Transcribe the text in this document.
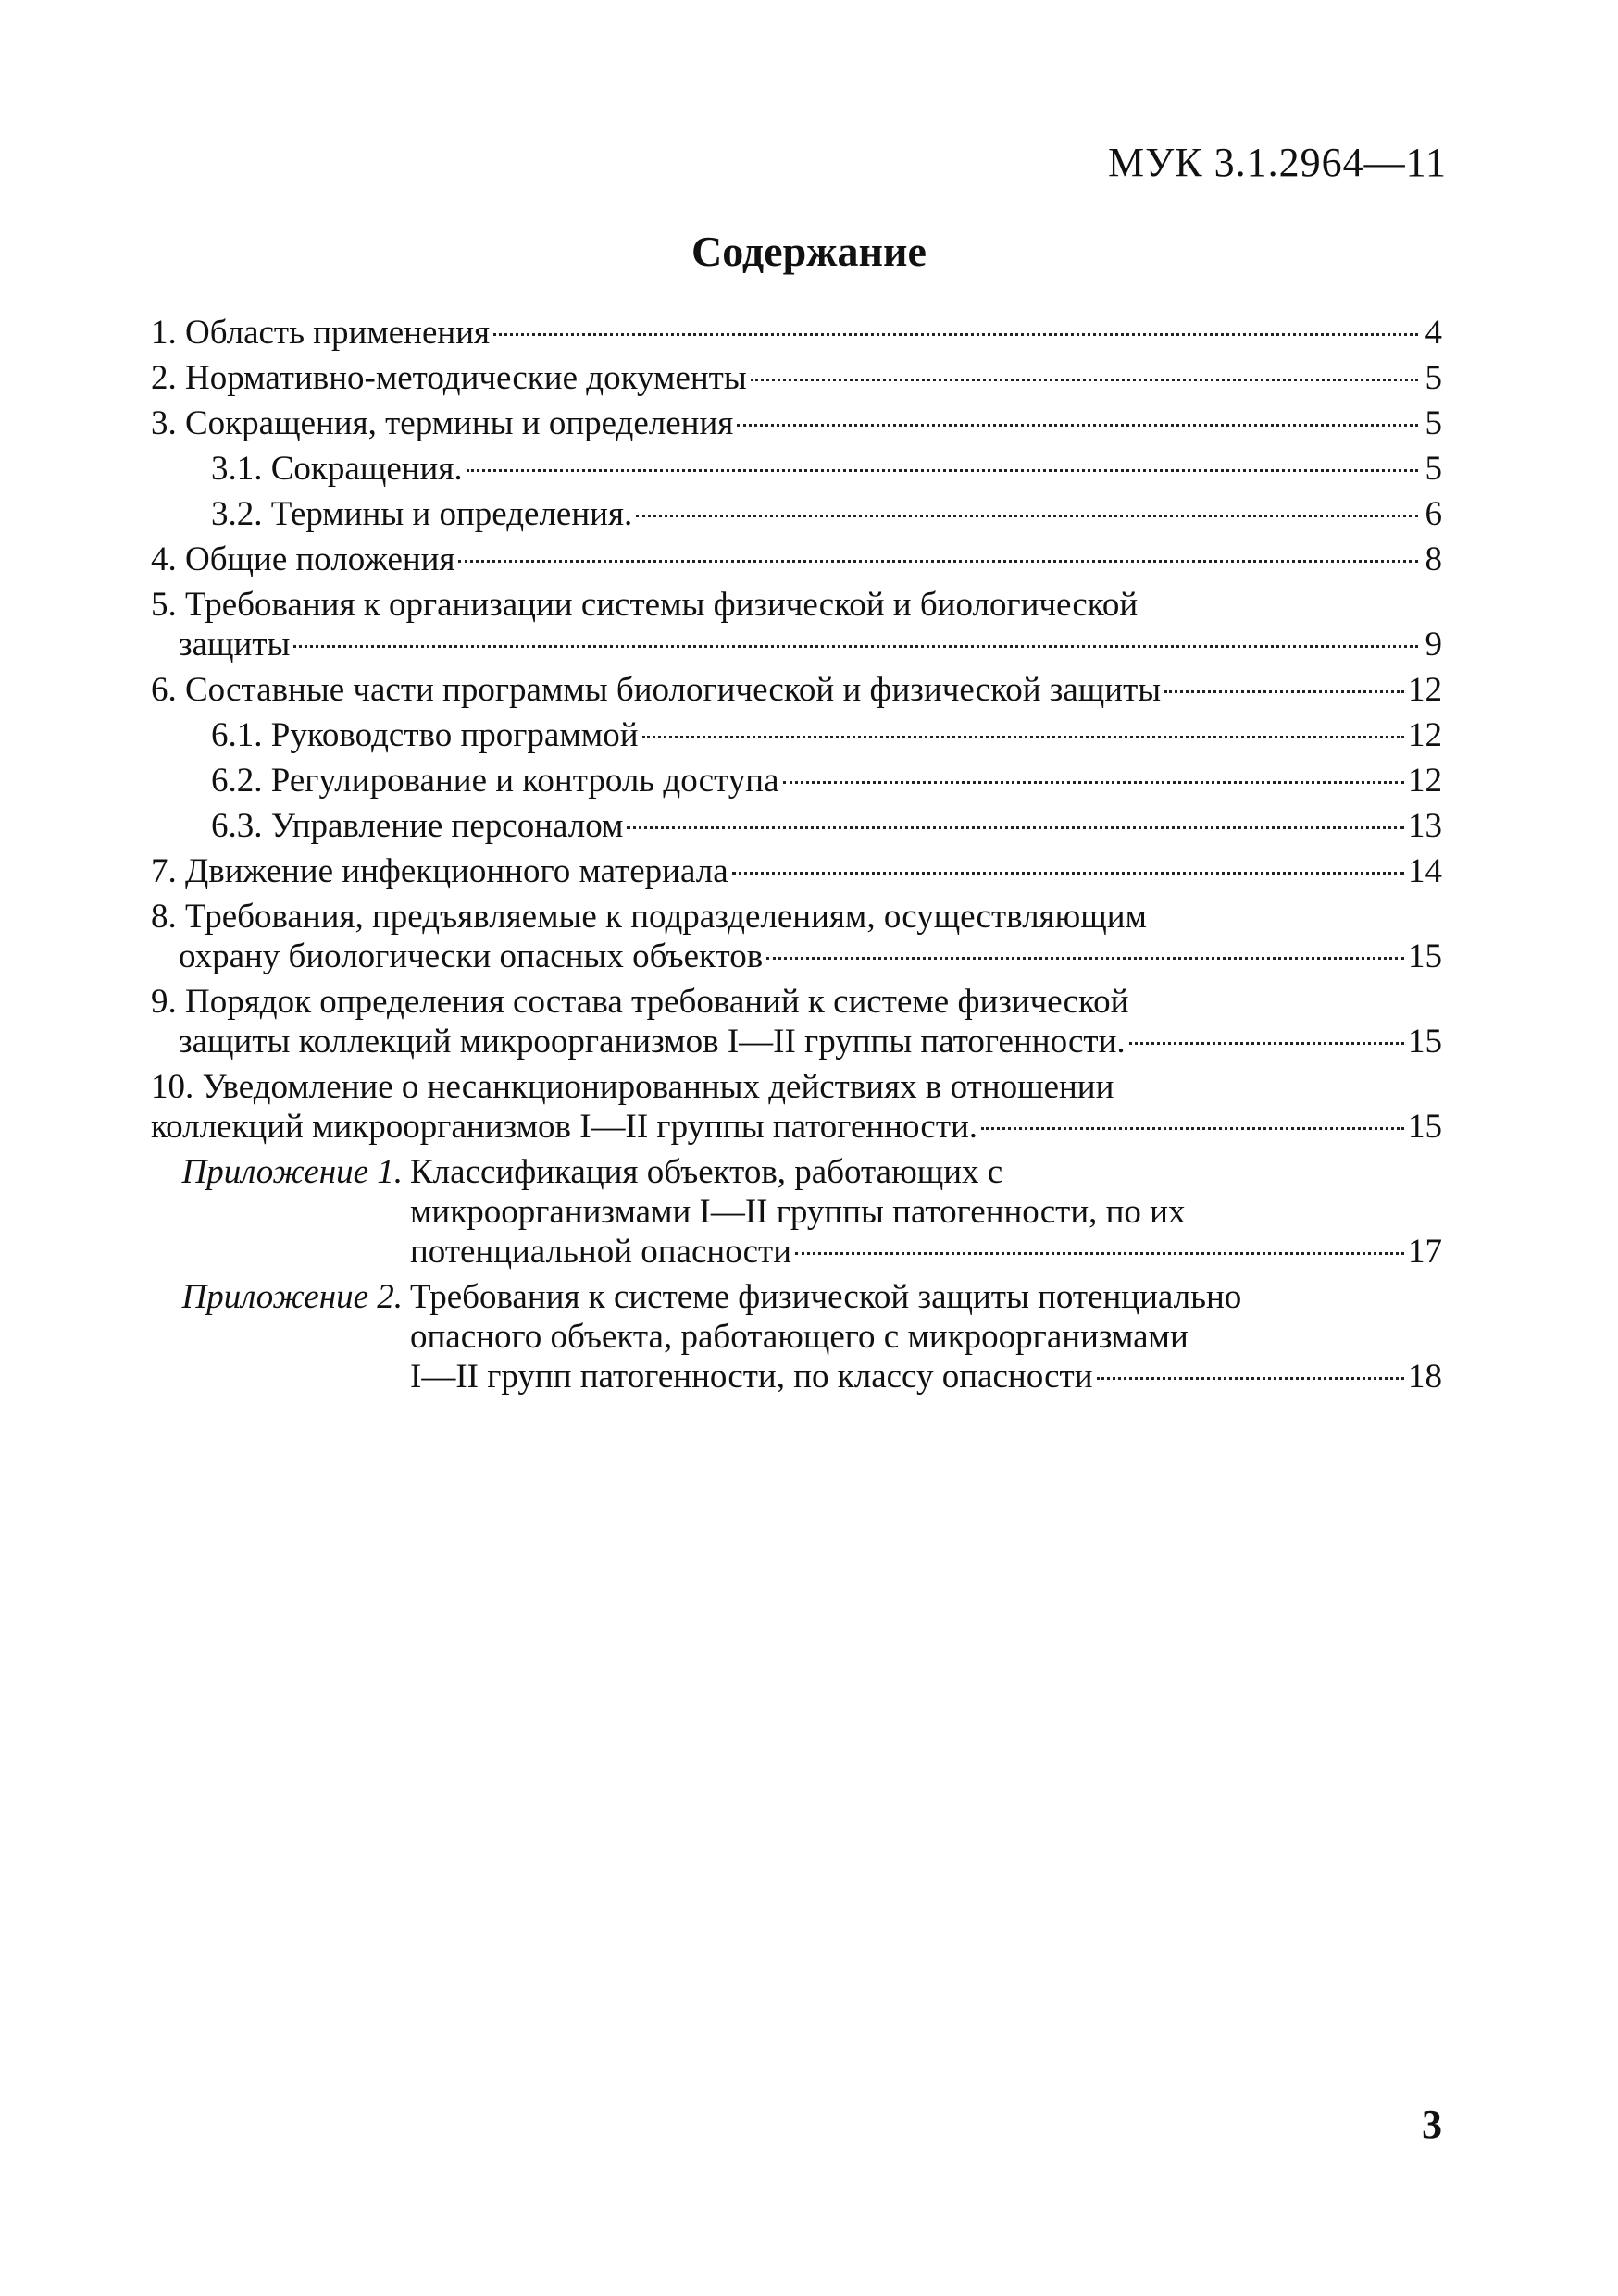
МУК 3.1.2964—11
Содержание
1. Область применения	4
2. Нормативно-методические документы	5
3. Сокращения, термины и определения	5
3.1. Сокращения.	5
3.2. Термины и определения.	6
4. Общие положения	8
5. Требования к организации системы физической и биологической
защиты	9
6. Составные части программы биологической и физической защиты	12
6.1. Руководство программой	12
6.2. Регулирование и контроль доступа	12
6.3. Управление персоналом	13
7. Движение инфекционного материала	14
8. Требования, предъявляемые к подразделениям, осуществляющим
охрану биологически опасных объектов	15
9. Порядок определения состава требований к системе физической
защиты коллекций микроорганизмов I—II группы патогенности.	15
10. Уведомление о несанкционированных действиях в отношении
коллекций микроорганизмов I—II группы патогенности.	15
Приложение 1. Классификация объектов, работающих с
микроорганизмами I—II группы патогенности, по их
потенциальной опасности	17
Приложение 2. Требования к системе физической защиты потенциально
опасного объекта, работающего с микроорганизмами
I—II групп патогенности, по классу опасности	18
3
